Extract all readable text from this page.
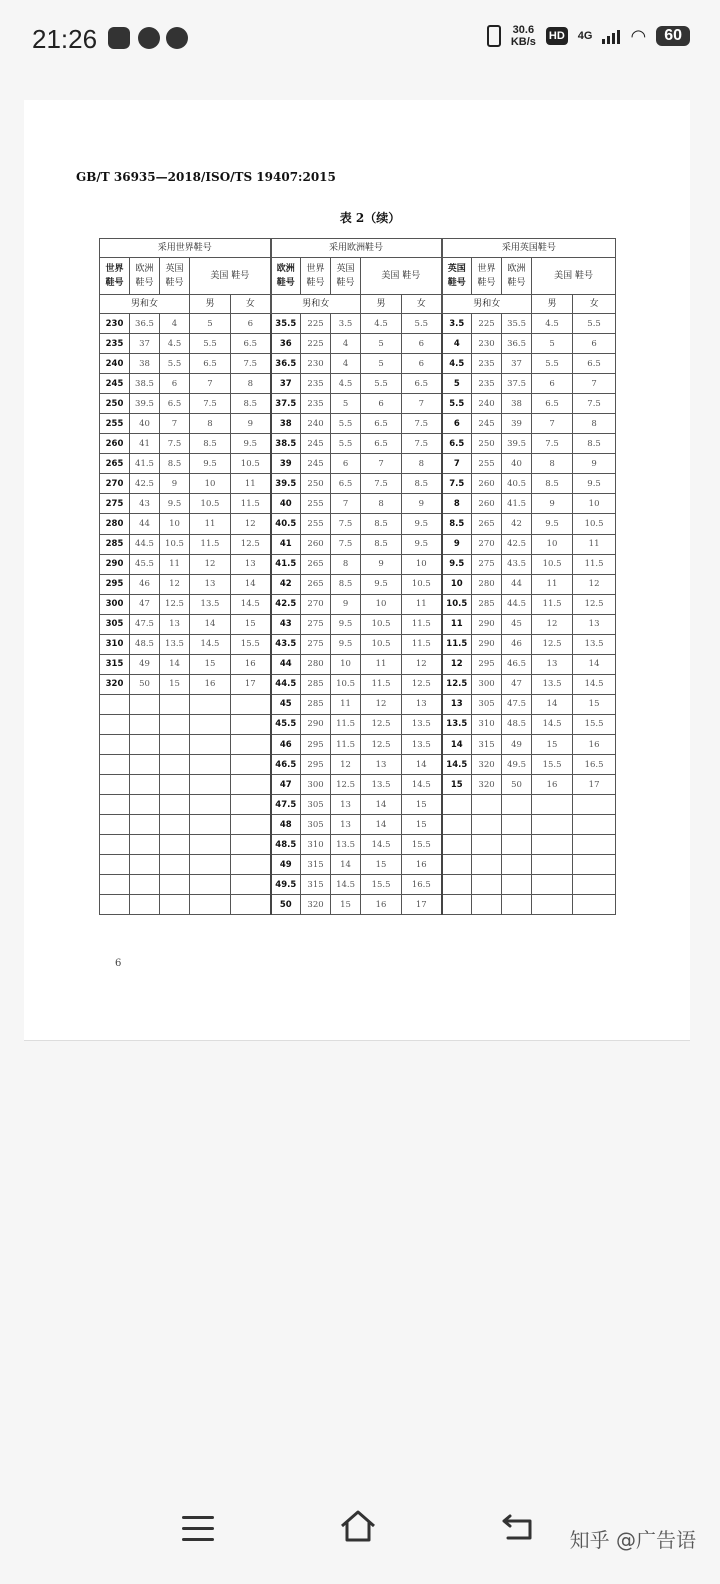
21:26	30.6
KB/s HD 4G ◠	60
GB/T 36935—2018/ISO/TS 19407:2015
表 2（续）
采用世界鞋号					采用欧洲鞋号					采用英国鞋号				
世界 鞋号	欧洲 鞋号	英国 鞋号	美国 鞋号		欧洲 鞋号	世界 鞋号	英国 鞋号	美国 鞋号		英国 鞋号	世界 鞋号	欧洲 鞋号	美国 鞋号	
男和女			男	女	男和女			男	女	男和女			男	女
230	36.5	4	5	6	35.5	225	3.5	4.5	5.5	3.5	225	35.5	4.5	5.5
235	37	4.5	5.5	6.5	36	225	4	5	6	4	230	36.5	5	6
240	38	5.5	6.5	7.5	36.5	230	4	5	6	4.5	235	37	5.5	6.5
245	38.5	6	7	8	37	235	4.5	5.5	6.5	5	235	37.5	6	7
250	39.5	6.5	7.5	8.5	37.5	235	5	6	7	5.5	240	38	6.5	7.5
255	40	7	8	9	38	240	5.5	6.5	7.5	6	245	39	7	8
260	41	7.5	8.5	9.5	38.5	245	5.5	6.5	7.5	6.5	250	39.5	7.5	8.5
265	41.5	8.5	9.5	10.5	39	245	6	7	8	7	255	40	8	9
270	42.5	9	10	11	39.5	250	6.5	7.5	8.5	7.5	260	40.5	8.5	9.5
275	43	9.5	10.5	11.5	40	255	7	8	9	8	260	41.5	9	10
280	44	10	11	12	40.5	255	7.5	8.5	9.5	8.5	265	42	9.5	10.5
285	44.5	10.5	11.5	12.5	41	260	7.5	8.5	9.5	9	270	42.5	10	11
290	45.5	11	12	13	41.5	265	8	9	10	9.5	275	43.5	10.5	11.5
295	46	12	13	14	42	265	8.5	9.5	10.5	10	280	44	11	12
300	47	12.5	13.5	14.5	42.5	270	9	10	11	10.5	285	44.5	11.5	12.5
305	47.5	13	14	15	43	275	9.5	10.5	11.5	11	290	45	12	13
310	48.5	13.5	14.5	15.5	43.5	275	9.5	10.5	11.5	11.5	290	46	12.5	13.5
315	49	14	15	16	44	280	10	11	12	12	295	46.5	13	14
320	50	15	16	17	44.5	285	10.5	11.5	12.5	12.5	300	47	13.5	14.5
					45	285	11	12	13	13	305	47.5	14	15
					45.5	290	11.5	12.5	13.5	13.5	310	48.5	14.5	15.5
					46	295	11.5	12.5	13.5	14	315	49	15	16
					46.5	295	12	13	14	14.5	320	49.5	15.5	16.5
					47	300	12.5	13.5	14.5	15	320	50	16	17
					47.5	305	13	14	15					
					48	305	13	14	15					
					48.5	310	13.5	14.5	15.5					
					49	315	14	15	16					
					49.5	315	14.5	15.5	16.5					
					50	320	15	16	17					
6
知乎 @广告语
